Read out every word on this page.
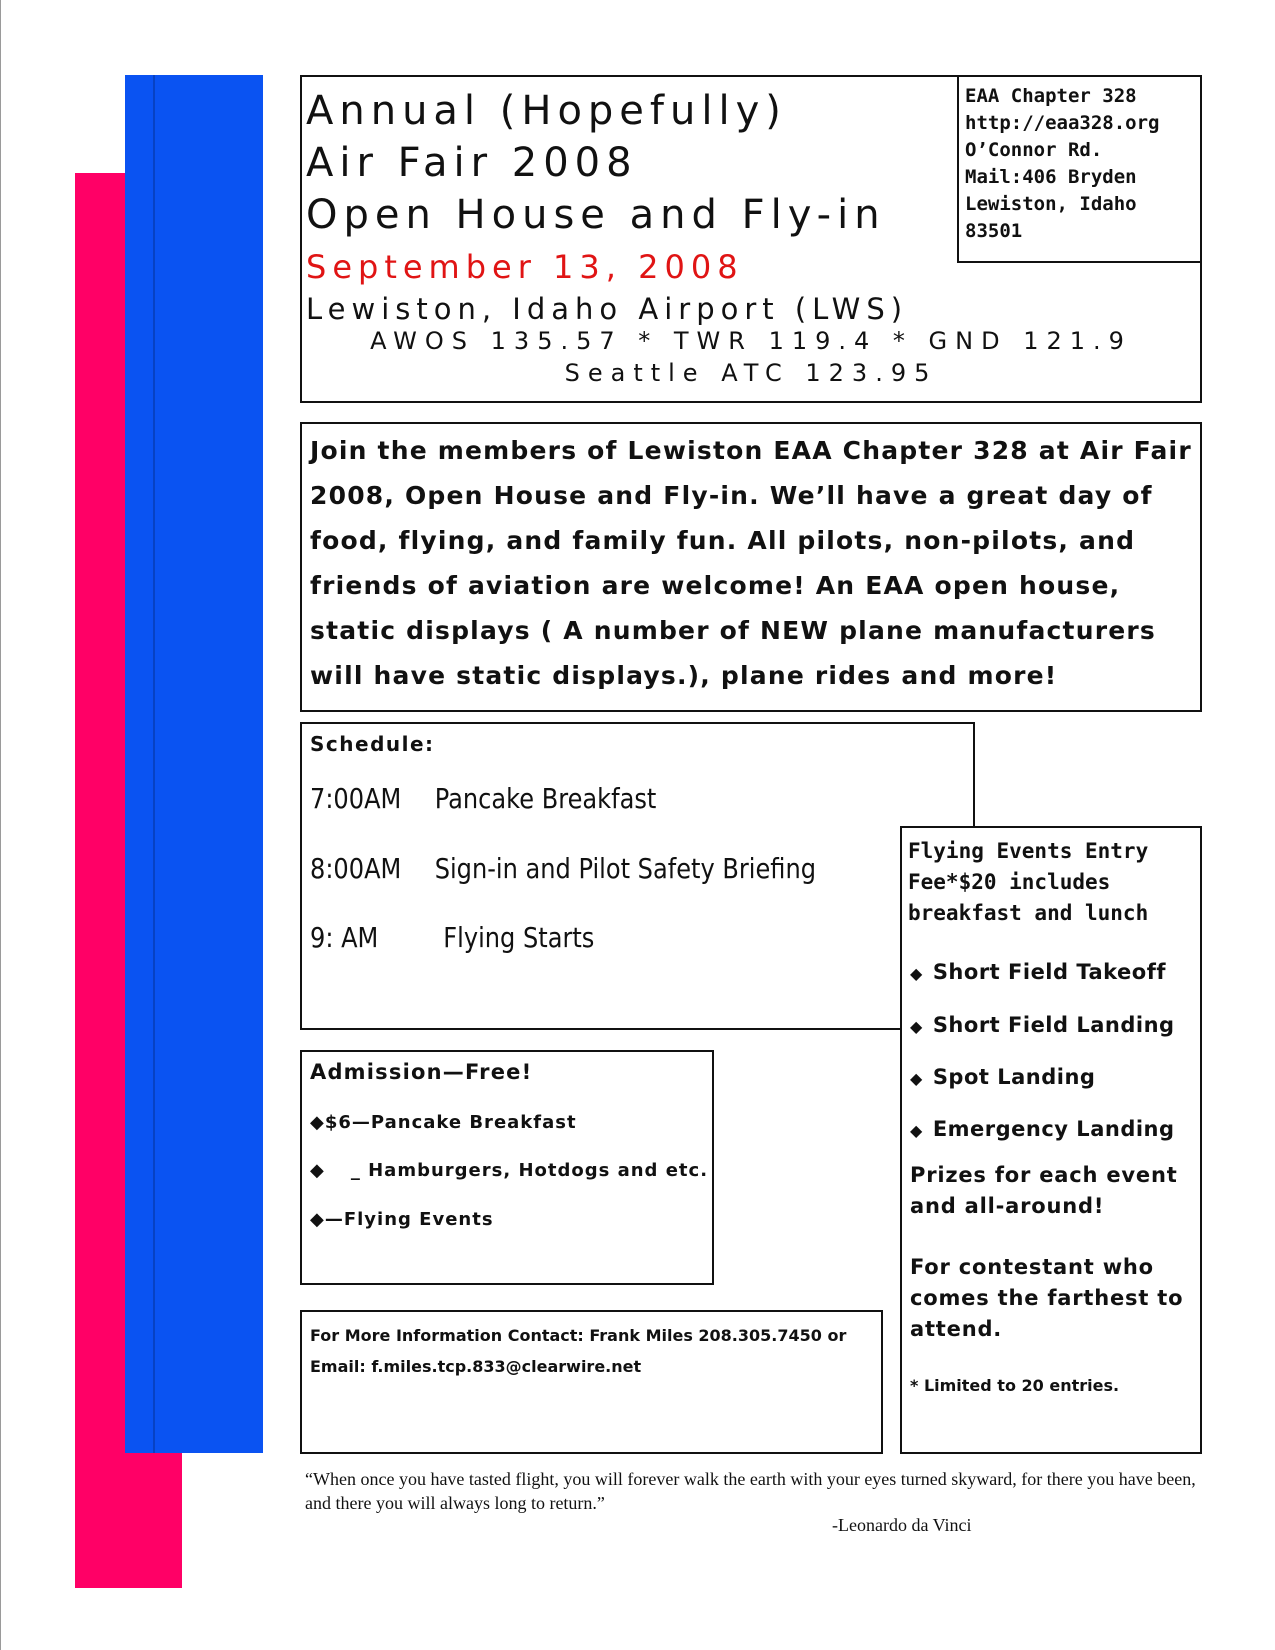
Annual (Hopefully)
Air Fair 2008
Open House and Fly-in
September 13, 2008
Lewiston, Idaho Airport (LWS)
AWOS 135.57 * TWR 119.4 * GND 121.9
Seattle ATC 123.95
EAA Chapter 328
http://eaa328.org
O’Connor Rd.
Mail:406 Bryden
Lewiston, Idaho
83501

Join the members of Lewiston EAA Chapter 328 at Air Fair 2008, Open House and Fly-in. We’ll have a great day of food, flying, and family fun. All pilots, non-pilots, and friends of aviation are welcome! An EAA open house, static displays ( A number of NEW plane manufacturers will have static displays.), plane rides and more!

Schedule:
7:00AM Pancake Breakfast
8:00AM Sign-in and Pilot Safety Briefing
9: AM Flying Starts
Flying Events Entry
Fee*$20 includes
breakfast and lunch
◆ Short Field Takeoff
◆ Short Field Landing
◆ Spot Landing
◆ Emergency Landing
Prizes for each event and all-around!
For contestant who comes the farthest to attend.
* Limited to 20 entries.
Admission—Free!
◆$6—Pancake Breakfast
◆ _ Hamburgers, Hotdogs and etc.
◆—Flying Events

For More Information Contact: Frank Miles 208.305.7450 or

Email: f.miles.tcp.833@clearwire.net

“When once you have tasted flight, you will forever walk the earth with your eyes turned skyward, for there you have been, and there you will always long to return.”
-Leonardo da Vinci
